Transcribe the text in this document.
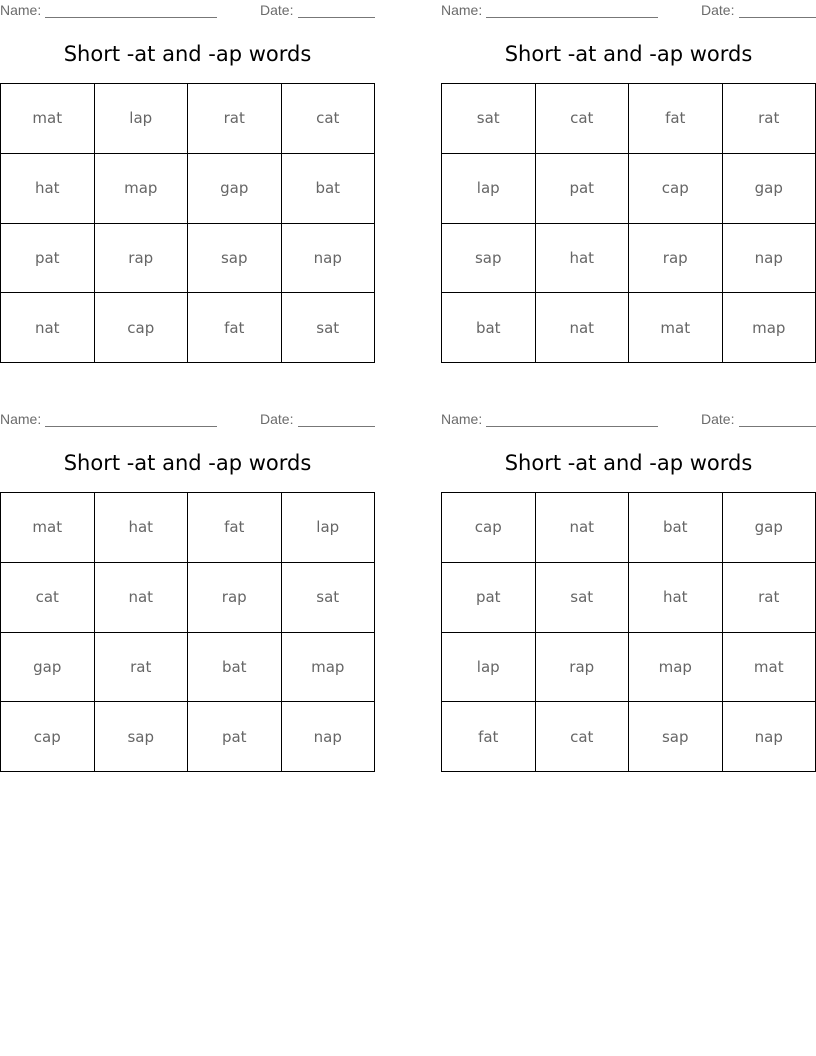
Name:	Date:
Short -at and -ap words
mat	lap	rat	cat
hat	map	gap	bat
pat	rap	sap	nap
nat	cap	fat	sat
Name:	Date:
Short -at and -ap words
sat	cat	fat	rat
lap	pat	cap	gap
sap	hat	rap	nap
bat	nat	mat	map
Name:	Date:
Short -at and -ap words
mat	hat	fat	lap
cat	nat	rap	sat
gap	rat	bat	map
cap	sap	pat	nap
Name:	Date:
Short -at and -ap words
cap	nat	bat	gap
pat	sat	hat	rat
lap	rap	map	mat
fat	cat	sap	nap
